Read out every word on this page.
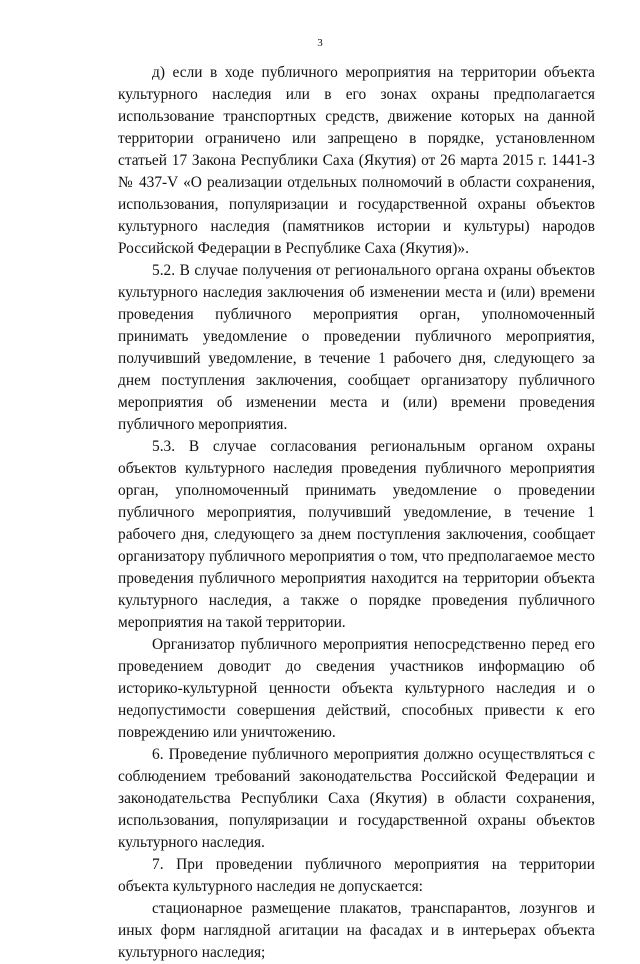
3

д) если в ходе публичного мероприятия на территории объекта культурного наследия или в его зонах охраны предполагается использование транспортных средств, движение которых на данной территории ограничено или запрещено в порядке, установленном статьей 17 Закона Республики Саха (Якутия) от 26 марта 2015 г. 1441-З № 437-V «О реализации отдельных полномочий в области сохранения, использования, популяризации и государственной охраны объектов культурного наследия (памятников истории и культуры) народов Российской Федерации в Республике Саха (Якутия)».

5.2. В случае получения от регионального органа охраны объектов культурного наследия заключения об изменении места и (или) времени проведения публичного мероприятия орган, уполномоченный принимать уведомление о проведении публичного мероприятия, получивший уведомление, в течение 1 рабочего дня, следующего за днем поступления заключения, сообщает организатору публичного мероприятия об изменении места и (или) времени проведения публичного мероприятия.

5.3. В случае согласования региональным органом охраны объектов культурного наследия проведения публичного мероприятия орган, уполномоченный принимать уведомление о проведении публичного мероприятия, получивший уведомление, в течение 1 рабочего дня, следующего за днем поступления заключения, сообщает организатору публичного мероприятия о том, что предполагаемое место проведения публичного мероприятия находится на территории объекта культурного наследия, а также о порядке проведения публичного мероприятия на такой территории.

Организатор публичного мероприятия непосредственно перед его проведением доводит до сведения участников информацию об историко-культурной ценности объекта культурного наследия и о недопустимости совершения действий, способных привести к его повреждению или уничтожению.

6. Проведение публичного мероприятия должно осуществляться с соблюдением требований законодательства Российской Федерации и законодательства Республики Саха (Якутия) в области сохранения, использования, популяризации и государственной охраны объектов культурного наследия.

7. При проведении публичного мероприятия на территории объекта культурного наследия не допускается:

стационарное размещение плакатов, транспарантов, лозунгов и иных форм наглядной агитации на фасадах и в интерьерах объекта культурного наследия;
